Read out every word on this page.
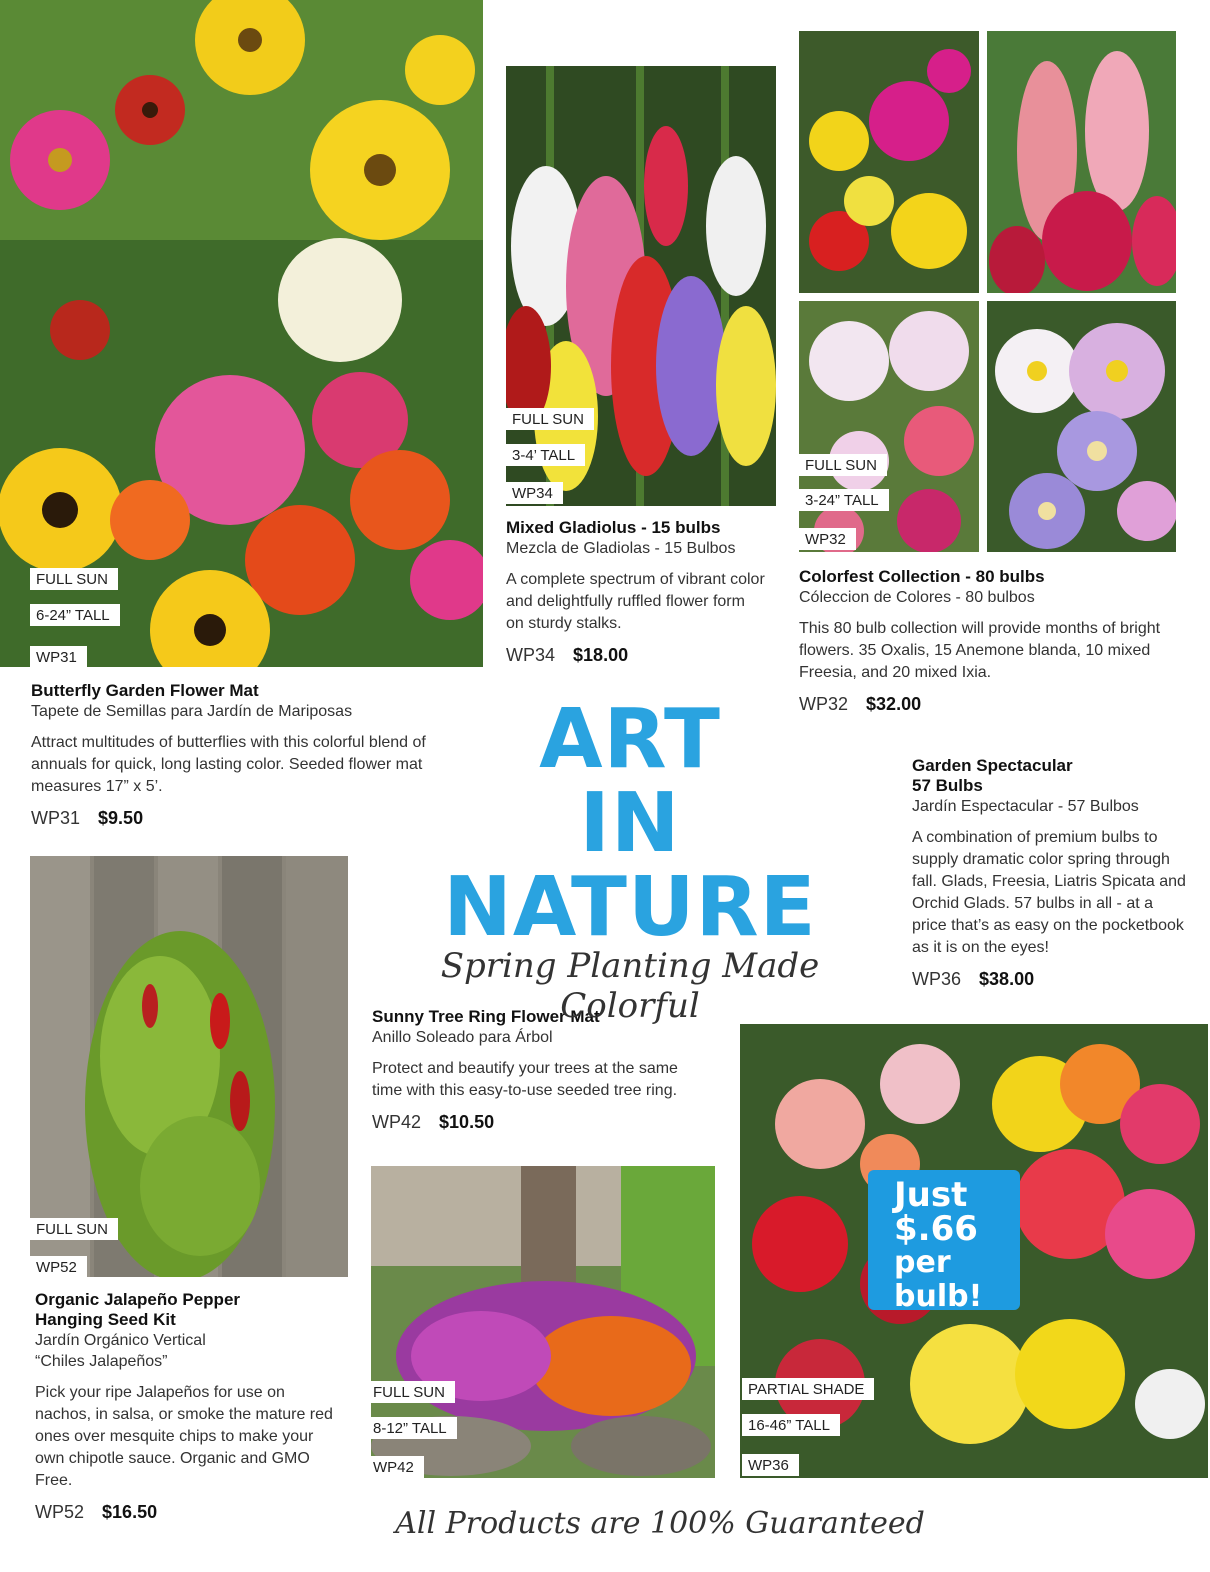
FULL SUN
6-24” TALL
WP31
FULL SUN
3-4’ TALL
WP34
FULL SUN
3-24” TALL
WP32
FULL SUN
WP52
FULL SUN
8-12” TALL
WP42
PARTIAL SHADE
16-46” TALL
WP36
Just
$.66
per
bulb!

Butterfly Garden Flower Mat

Tapete de Semillas para Jardín de Mariposas

Attract multitudes of butterflies with this colorful blend of annuals for quick, long lasting color. Seeded flower mat measures 17” x 5’.

WP31 $9.50

Mixed Gladiolus - 15 bulbs

Mezcla de Gladiolas - 15 Bulbos

A complete spectrum of vibrant color and delightfully ruffled flower form on sturdy stalks.

WP34 $18.00

Colorfest Collection - 80 bulbs

Cóleccion de Colores - 80 bulbos

This 80 bulb collection will provide months of bright flowers. 35 Oxalis, 15 Anemone blanda, 10 mixed Freesia, and 20 mixed Ixia.

WP32 $32.00

Garden Spectacular

57 Bulbs

Jardín Espectacular - 57 Bulbos

A combination of premium bulbs to supply dramatic color spring through fall. Glads, Freesia, Liatris Spicata and Orchid Glads. 57 bulbs in all - at a price that’s as easy on the pocketbook as it is on the eyes!

WP36 $38.00

Organic Jalapeño Pepper

Hanging Seed Kit

Jardín Orgánico Vertical

“Chiles Jalapeños”

Pick your ripe Jalapeños for use on nachos, in salsa, or smoke the mature red ones over mesquite chips to make your own chipotle sauce. Organic and GMO Free.

WP52 $16.50

Sunny Tree Ring Flower Mat

Anillo Soleado para Árbol

Protect and beautify your trees at the same time with this easy-to-use seeded tree ring.

WP42 $10.50

ART
IN
NATURE
Spring Planting Made Colorful
All Products are 100% Guaranteed
